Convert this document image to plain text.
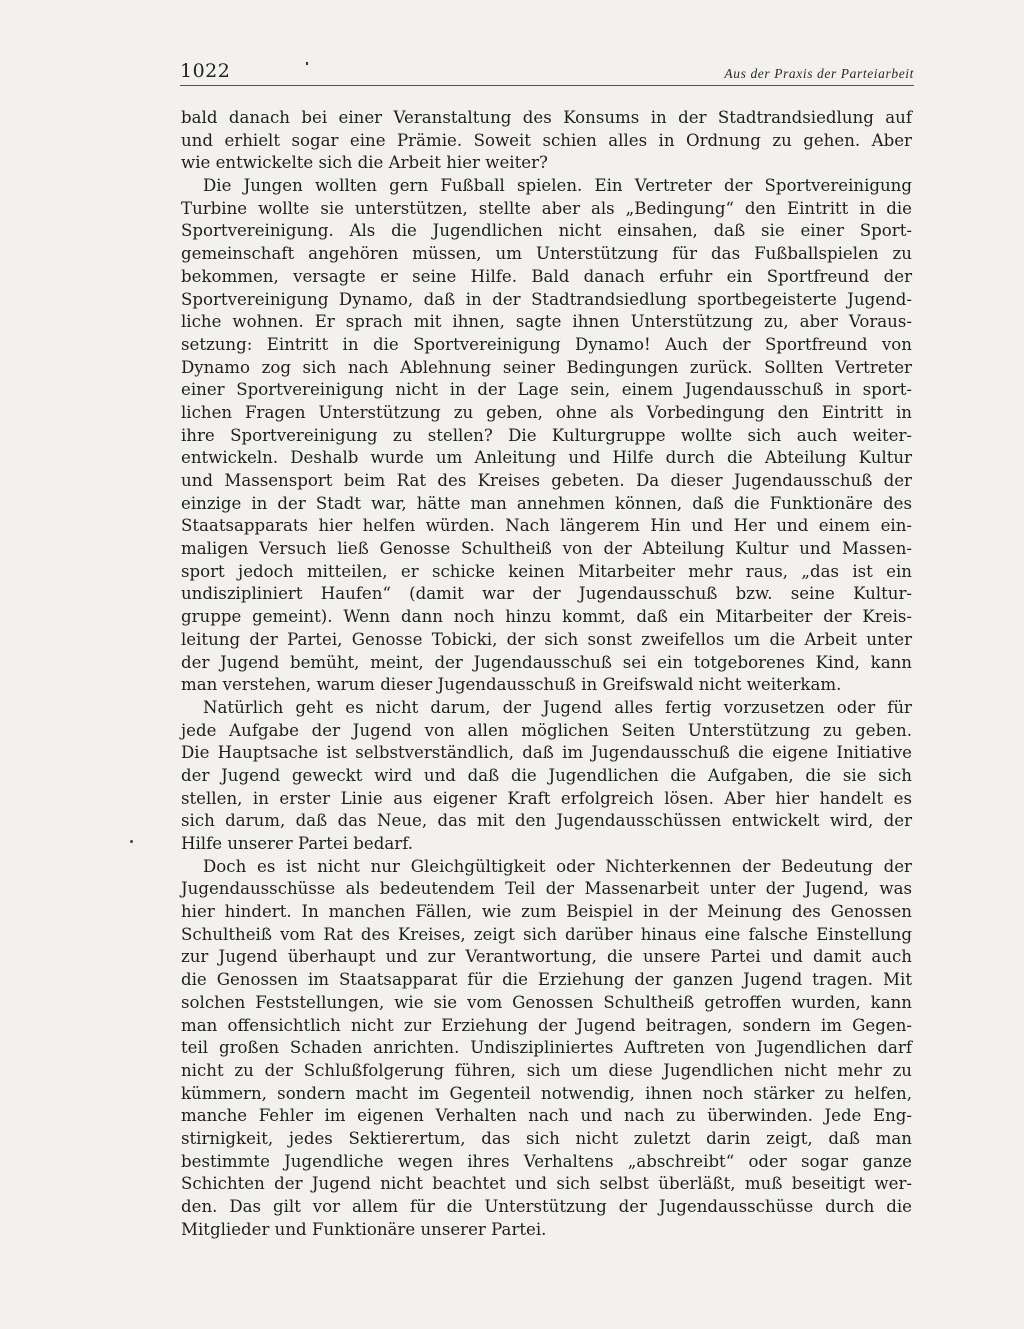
1022	Aus der Praxis der Parteiarbeit
bald danach bei einer Veranstaltung des Konsums in der Stadtrandsiedlung auf
und erhielt sogar eine Prämie. Soweit schien alles in Ordnung zu gehen. Aber
wie entwickelte sich die Arbeit hier weiter?
Die Jungen wollten gern Fußball spielen. Ein Vertreter der Sportvereinigung
Turbine wollte sie unterstützen, stellte aber als „Bedingung“ den Eintritt in die
Sportvereinigung. Als die Jugendlichen nicht einsahen, daß sie einer Sport-
gemeinschaft angehören müssen, um Unterstützung für das Fußballspielen zu
bekommen, versagte er seine Hilfe. Bald danach erfuhr ein Sportfreund der
Sportvereinigung Dynamo, daß in der Stadtrandsiedlung sportbegeisterte Jugend-
liche wohnen. Er sprach mit ihnen, sagte ihnen Unterstützung zu, aber Voraus-
setzung: Eintritt in die Sportvereinigung Dynamo! Auch der Sportfreund von
Dynamo zog sich nach Ablehnung seiner Bedingungen zurück. Sollten Vertreter
einer Sportvereinigung nicht in der Lage sein, einem Jugendausschuß in sport-
lichen Fragen Unterstützung zu geben, ohne als Vorbedingung den Eintritt in
ihre Sportvereinigung zu stellen? Die Kulturgruppe wollte sich auch weiter-
entwickeln. Deshalb wurde um Anleitung und Hilfe durch die Abteilung Kultur
und Massensport beim Rat des Kreises gebeten. Da dieser Jugendausschuß der
einzige in der Stadt war, hätte man annehmen können, daß die Funktionäre des
Staatsapparats hier helfen würden. Nach längerem Hin und Her und einem ein-
maligen Versuch ließ Genosse Schultheiß von der Abteilung Kultur und Massen-
sport jedoch mitteilen, er schicke keinen Mitarbeiter mehr raus, „das ist ein
undiszipliniert Haufen“ (damit war der Jugendausschuß bzw. seine Kultur-
gruppe gemeint). Wenn dann noch hinzu kommt, daß ein Mitarbeiter der Kreis-
leitung der Partei, Genosse Tobicki, der sich sonst zweifellos um die Arbeit unter
der Jugend bemüht, meint, der Jugendausschuß sei ein totgeborenes Kind, kann
man verstehen, warum dieser Jugendausschuß in Greifswald nicht weiterkam.
Natürlich geht es nicht darum, der Jugend alles fertig vorzusetzen oder für
jede Aufgabe der Jugend von allen möglichen Seiten Unterstützung zu geben.
Die Hauptsache ist selbstverständlich, daß im Jugendausschuß die eigene Initiative
der Jugend geweckt wird und daß die Jugendlichen die Aufgaben, die sie sich
stellen, in erster Linie aus eigener Kraft erfolgreich lösen. Aber hier handelt es
sich darum, daß das Neue, das mit den Jugendausschüssen entwickelt wird, der
Hilfe unserer Partei bedarf.
Doch es ist nicht nur Gleichgültigkeit oder Nichterkennen der Bedeutung der
Jugendausschüsse als bedeutendem Teil der Massenarbeit unter der Jugend, was
hier hindert. In manchen Fällen, wie zum Beispiel in der Meinung des Genossen
Schultheiß vom Rat des Kreises, zeigt sich darüber hinaus eine falsche Einstellung
zur Jugend überhaupt und zur Verantwortung, die unsere Partei und damit auch
die Genossen im Staatsapparat für die Erziehung der ganzen Jugend tragen. Mit
solchen Feststellungen, wie sie vom Genossen Schultheiß getroffen wurden, kann
man offensichtlich nicht zur Erziehung der Jugend beitragen, sondern im Gegen-
teil großen Schaden anrichten. Undiszipliniertes Auftreten von Jugendlichen darf
nicht zu der Schlußfolgerung führen, sich um diese Jugendlichen nicht mehr zu
kümmern, sondern macht im Gegenteil notwendig, ihnen noch stärker zu helfen,
manche Fehler im eigenen Verhalten nach und nach zu überwinden. Jede Eng-
stirnigkeit, jedes Sektierertum, das sich nicht zuletzt darin zeigt, daß man
bestimmte Jugendliche wegen ihres Verhaltens „abschreibt“ oder sogar ganze
Schichten der Jugend nicht beachtet und sich selbst überläßt, muß beseitigt wer-
den. Das gilt vor allem für die Unterstützung der Jugendausschüsse durch die
Mitglieder und Funktionäre unserer Partei.
